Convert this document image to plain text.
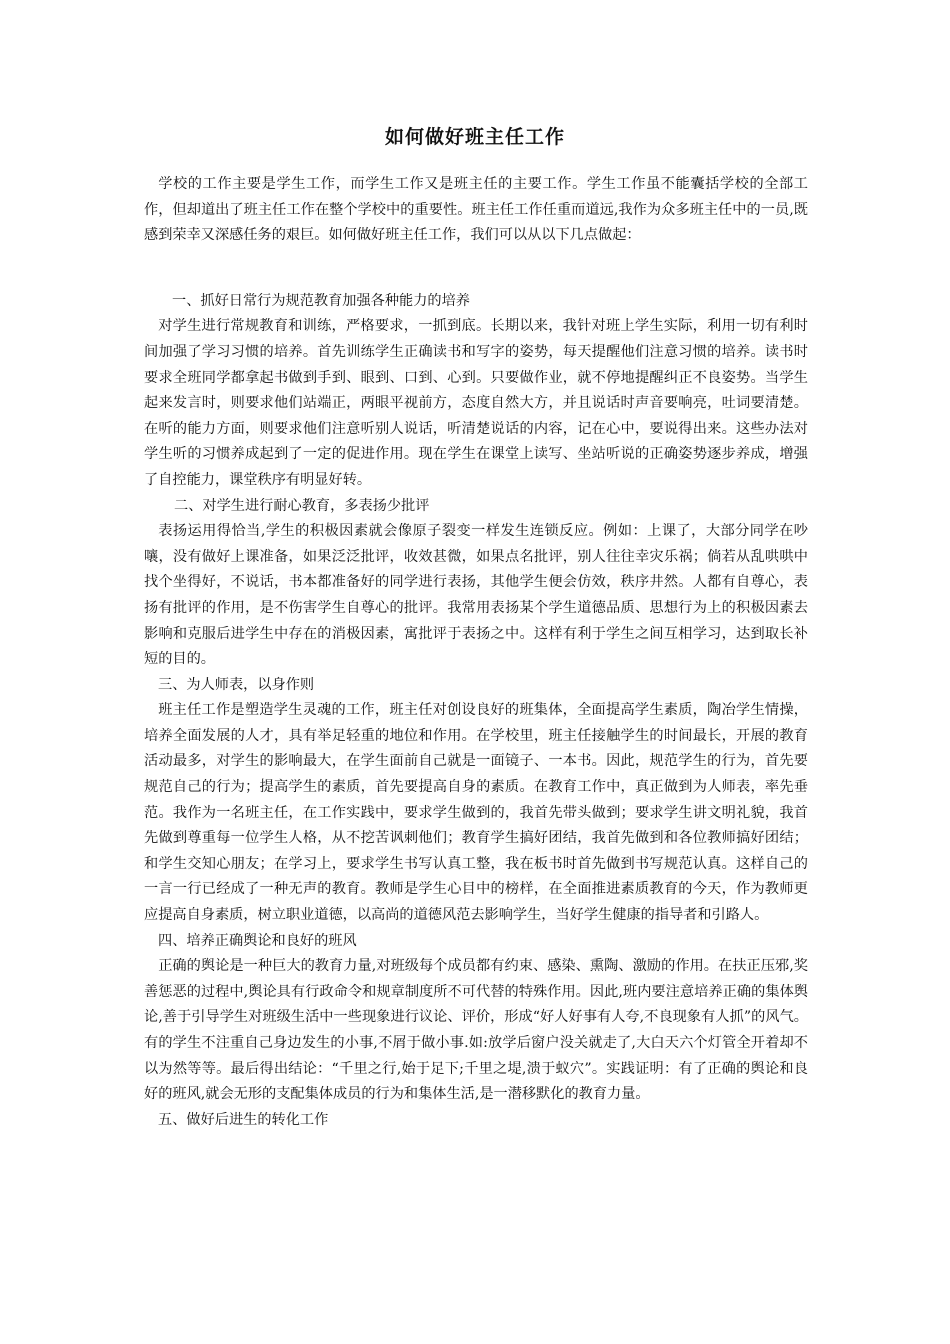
如何做好班主任工作

学校的工作主要是学生工作，而学生工作又是班主任的主要工作。学生工作虽不能囊括学校的全部工作，但却道出了班主任工作在整个学校中的重要性。班主任工作任重而道远,我作为众多班主任中的一员,既感到荣幸又深感任务的艰巨。如何做好班主任工作，我们可以从以下几点做起：

一、抓好日常行为规范教育加强各种能力的培养

对学生进行常规教育和训练，严格要求，一抓到底。长期以来，我针对班上学生实际，利用一切有利时间加强了学习习惯的培养。首先训练学生正确读书和写字的姿势，每天提醒他们注意习惯的培养。读书时要求全班同学都拿起书做到手到、眼到、口到、心到。只要做作业，就不停地提醒纠正不良姿势。当学生起来发言时，则要求他们站端正，两眼平视前方，态度自然大方，并且说话时声音要响亮，吐词要清楚。在听的能力方面，则要求他们注意听别人说话，听清楚说话的内容，记在心中，要说得出来。这些办法对学生听的习惯养成起到了一定的促进作用。现在学生在课堂上读写、坐站听说的正确姿势逐步养成，增强了自控能力，课堂秩序有明显好转。

二、对学生进行耐心教育，多表扬少批评

表扬运用得恰当,学生的积极因素就会像原子裂变一样发生连锁反应。例如：上课了，大部分同学在吵嚷，没有做好上课准备，如果泛泛批评，收效甚微，如果点名批评，别人往往幸灾乐祸；倘若从乱哄哄中找个坐得好，不说话，书本都准备好的同学进行表扬，其他学生便会仿效，秩序井然。人都有自尊心，表扬有批评的作用，是不伤害学生自尊心的批评。我常用表扬某个学生道德品质、思想行为上的积极因素去影响和克服后进学生中存在的消极因素，寓批评于表扬之中。这样有利于学生之间互相学习，达到取长补短的目的。

三、为人师表，以身作则

班主任工作是塑造学生灵魂的工作，班主任对创设良好的班集体，全面提高学生素质，陶冶学生情操，培养全面发展的人才，具有举足轻重的地位和作用。在学校里，班主任接触学生的时间最长，开展的教育活动最多，对学生的影响最大，在学生面前自己就是一面镜子、一本书。因此，规范学生的行为，首先要规范自己的行为；提高学生的素质，首先要提高自身的素质。在教育工作中，真正做到为人师表，率先垂范。我作为一名班主任，在工作实践中，要求学生做到的，我首先带头做到；要求学生讲文明礼貌，我首先做到尊重每一位学生人格，从不挖苦讽刺他们；教育学生搞好团结，我首先做到和各位教师搞好团结；和学生交知心朋友；在学习上，要求学生书写认真工整，我在板书时首先做到书写规范认真。这样自己的一言一行已经成了一种无声的教育。教师是学生心目中的榜样，在全面推进素质教育的今天，作为教师更应提高自身素质，树立职业道德，以高尚的道德风范去影响学生，当好学生健康的指导者和引路人。

四、培养正确舆论和良好的班风

正确的舆论是一种巨大的教育力量,对班级每个成员都有约束、感染、熏陶、激励的作用。在扶正压邪,奖善惩恶的过程中,舆论具有行政命令和规章制度所不可代替的特殊作用。因此,班内要注意培养正确的集体舆论,善于引导学生对班级生活中一些现象进行议论、评价，形成“好人好事有人夸,不良现象有人抓”的风气。有的学生不注重自己身边发生的小事,不屑于做小事.如:放学后窗户没关就走了,大白天六个灯管全开着却不以为然等等。最后得出结论：“千里之行,始于足下;千里之堤,溃于蚁穴”。实践证明：有了正确的舆论和良好的班风,就会无形的支配集体成员的行为和集体生活,是一潜移默化的教育力量。

五、做好后进生的转化工作
